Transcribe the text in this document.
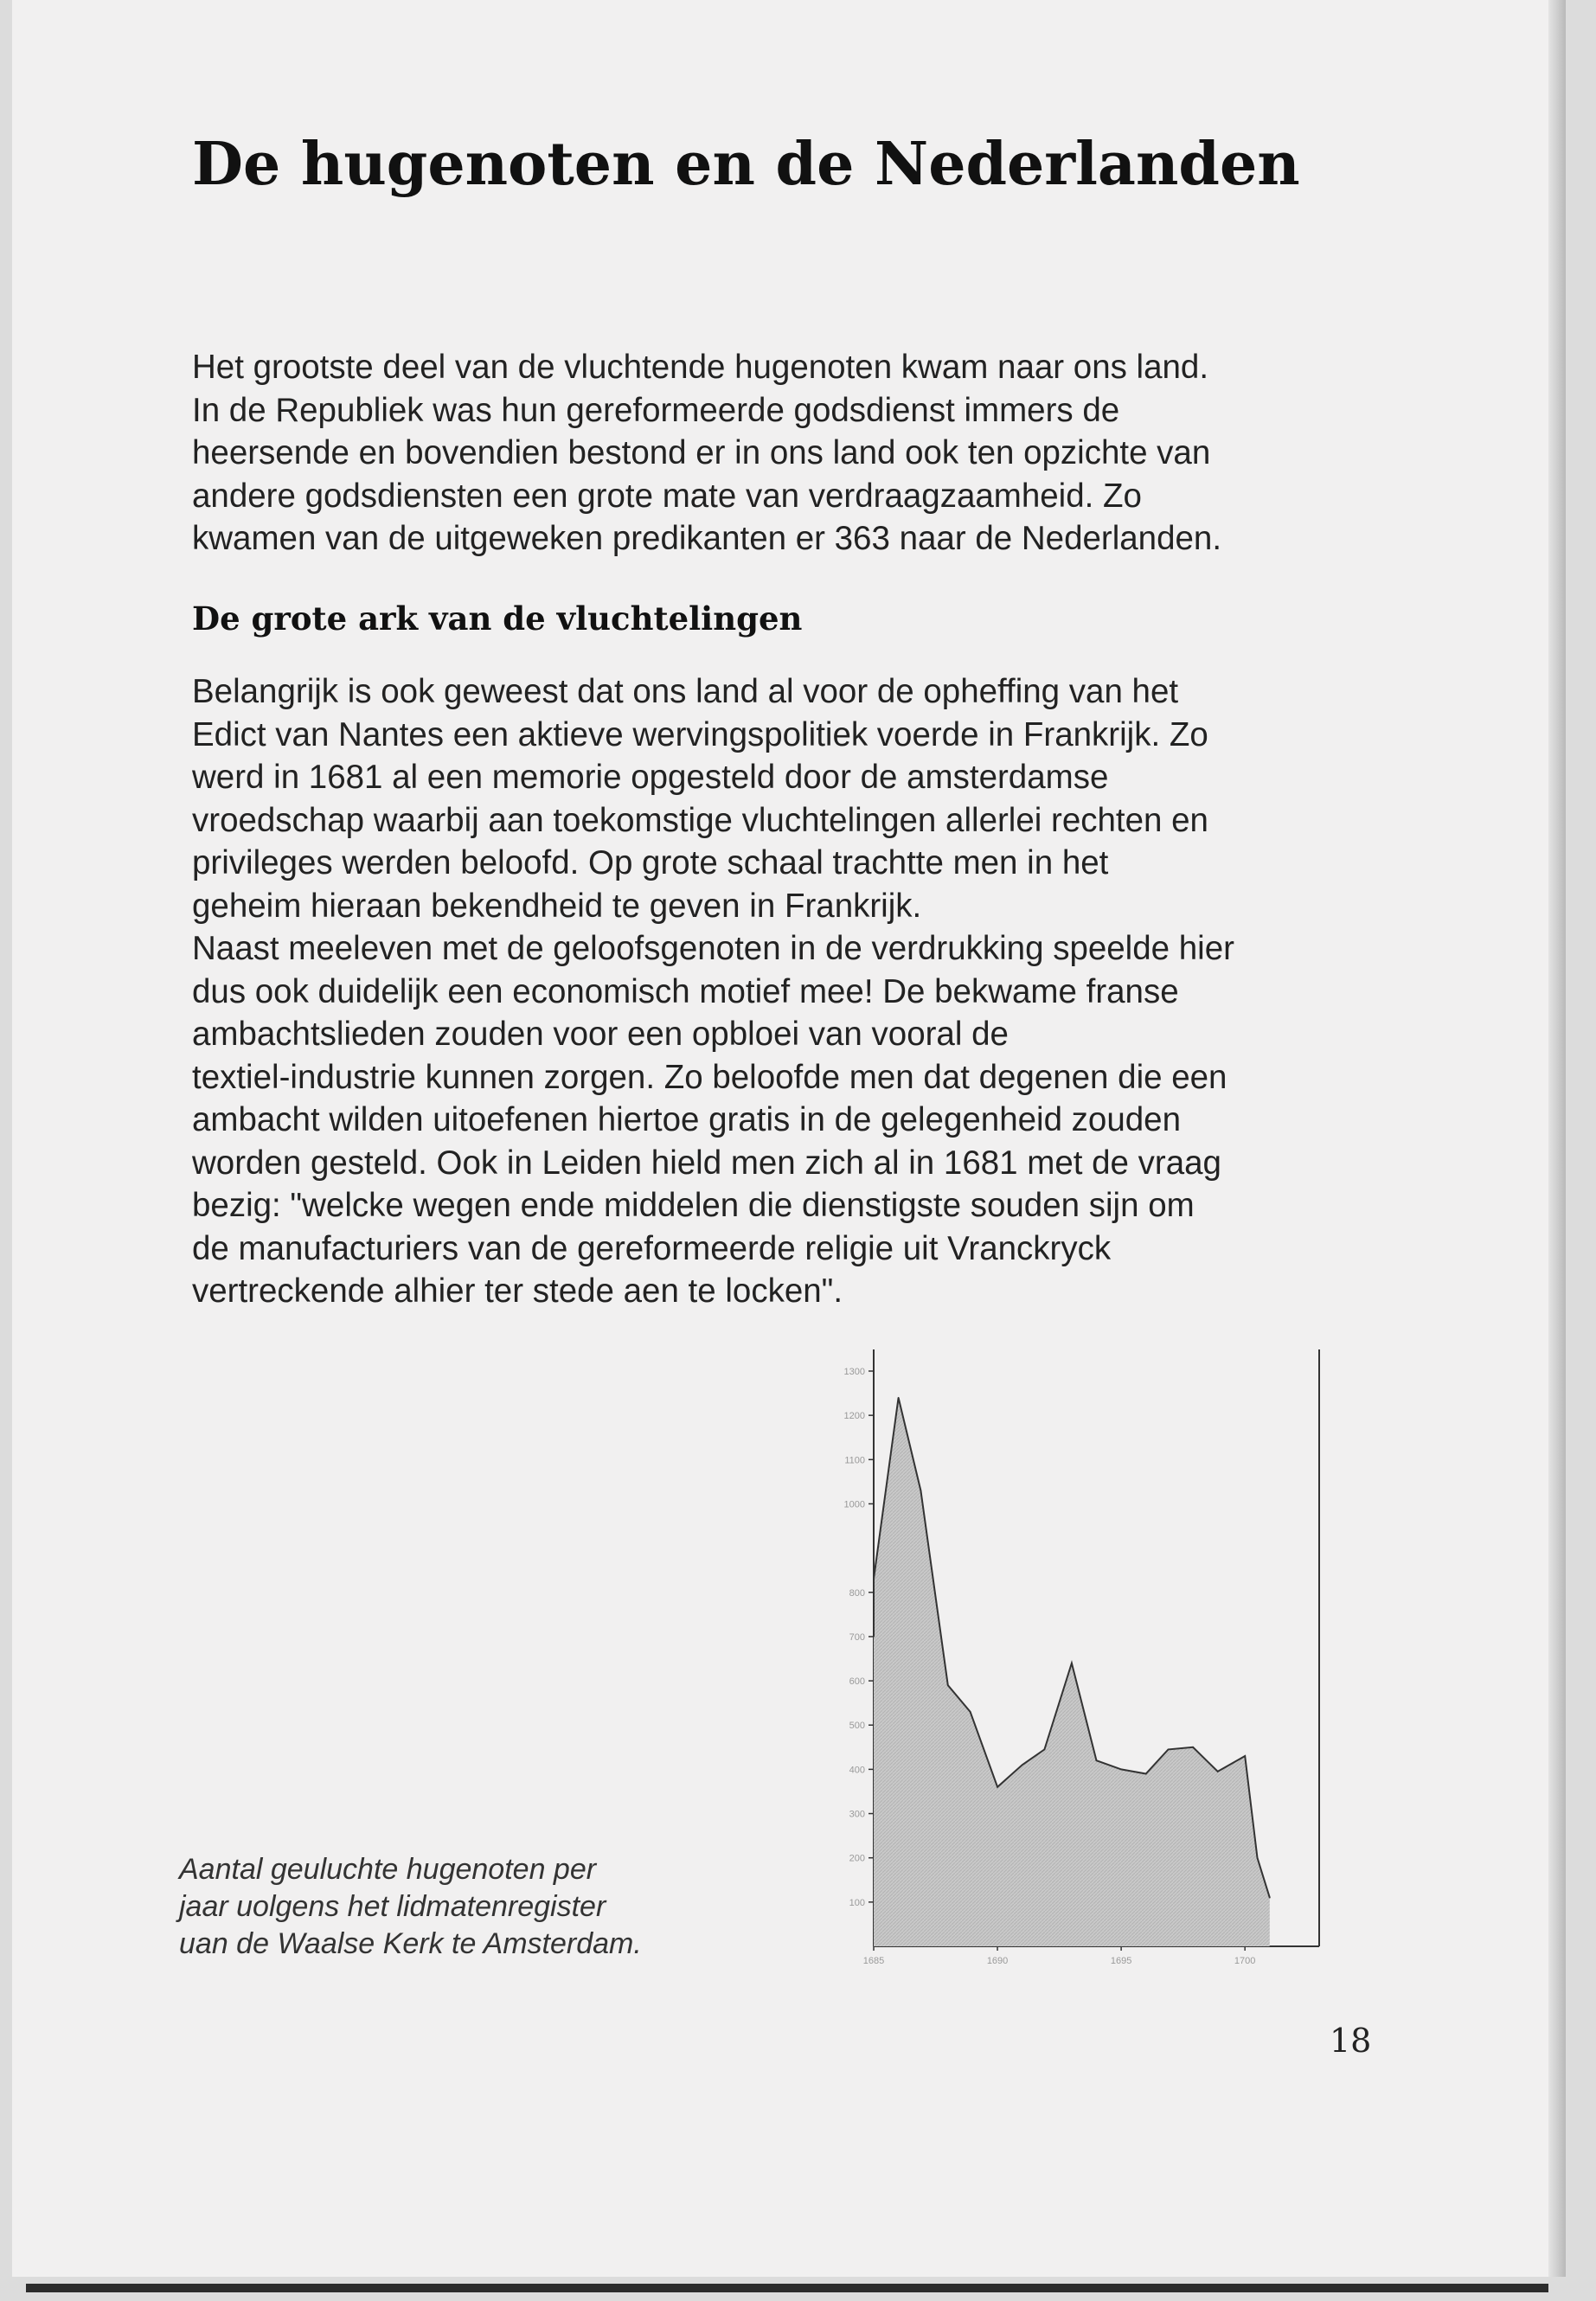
De hugenoten en de Nederlanden
Het grootste deel van de vluchtende hugenoten kwam naar ons land.
In de Republiek was hun gereformeerde godsdienst immers de
heersende en bovendien bestond er in ons land ook ten opzichte van
andere godsdiensten een grote mate van verdraagzaamheid. Zo
kwamen van de uitgeweken predikanten er 363 naar de Nederlanden.
De grote ark van de vluchtelingen
Belangrijk is ook geweest dat ons land al voor de opheffing van het
Edict van Nantes een aktieve wervingspolitiek voerde in Frankrijk. Zo
werd in 1681 al een memorie opgesteld door de amsterdamse
vroedschap waarbij aan toekomstige vluchtelingen allerlei rechten en
privileges werden beloofd. Op grote schaal trachtte men in het
geheim hieraan bekendheid te geven in Frankrijk.
Naast meeleven met de geloofsgenoten in de verdrukking speelde hier
dus ook duidelijk een economisch motief mee! De bekwame franse
ambachtslieden zouden voor een opbloei van vooral de
textiel-industrie kunnen zorgen. Zo beloofde men dat degenen die een
ambacht wilden uitoefenen hiertoe gratis in de gelegenheid zouden
worden gesteld. Ook in Leiden hield men zich al in 1681 met de vraag
bezig: "welcke wegen ende middelen die dienstigste souden sijn om
de manufacturiers van de gereformeerde religie uit Vranckryck
vertreckende alhier ter stede aen te locken".
100
200
300
400
500
600
700
800
1000
1100
1200
1300
1685	1690	1695	1700
Aantal geuluchte hugenoten per
jaar uolgens het lidmatenregister
uan de Waalse Kerk te Amsterdam.
18
